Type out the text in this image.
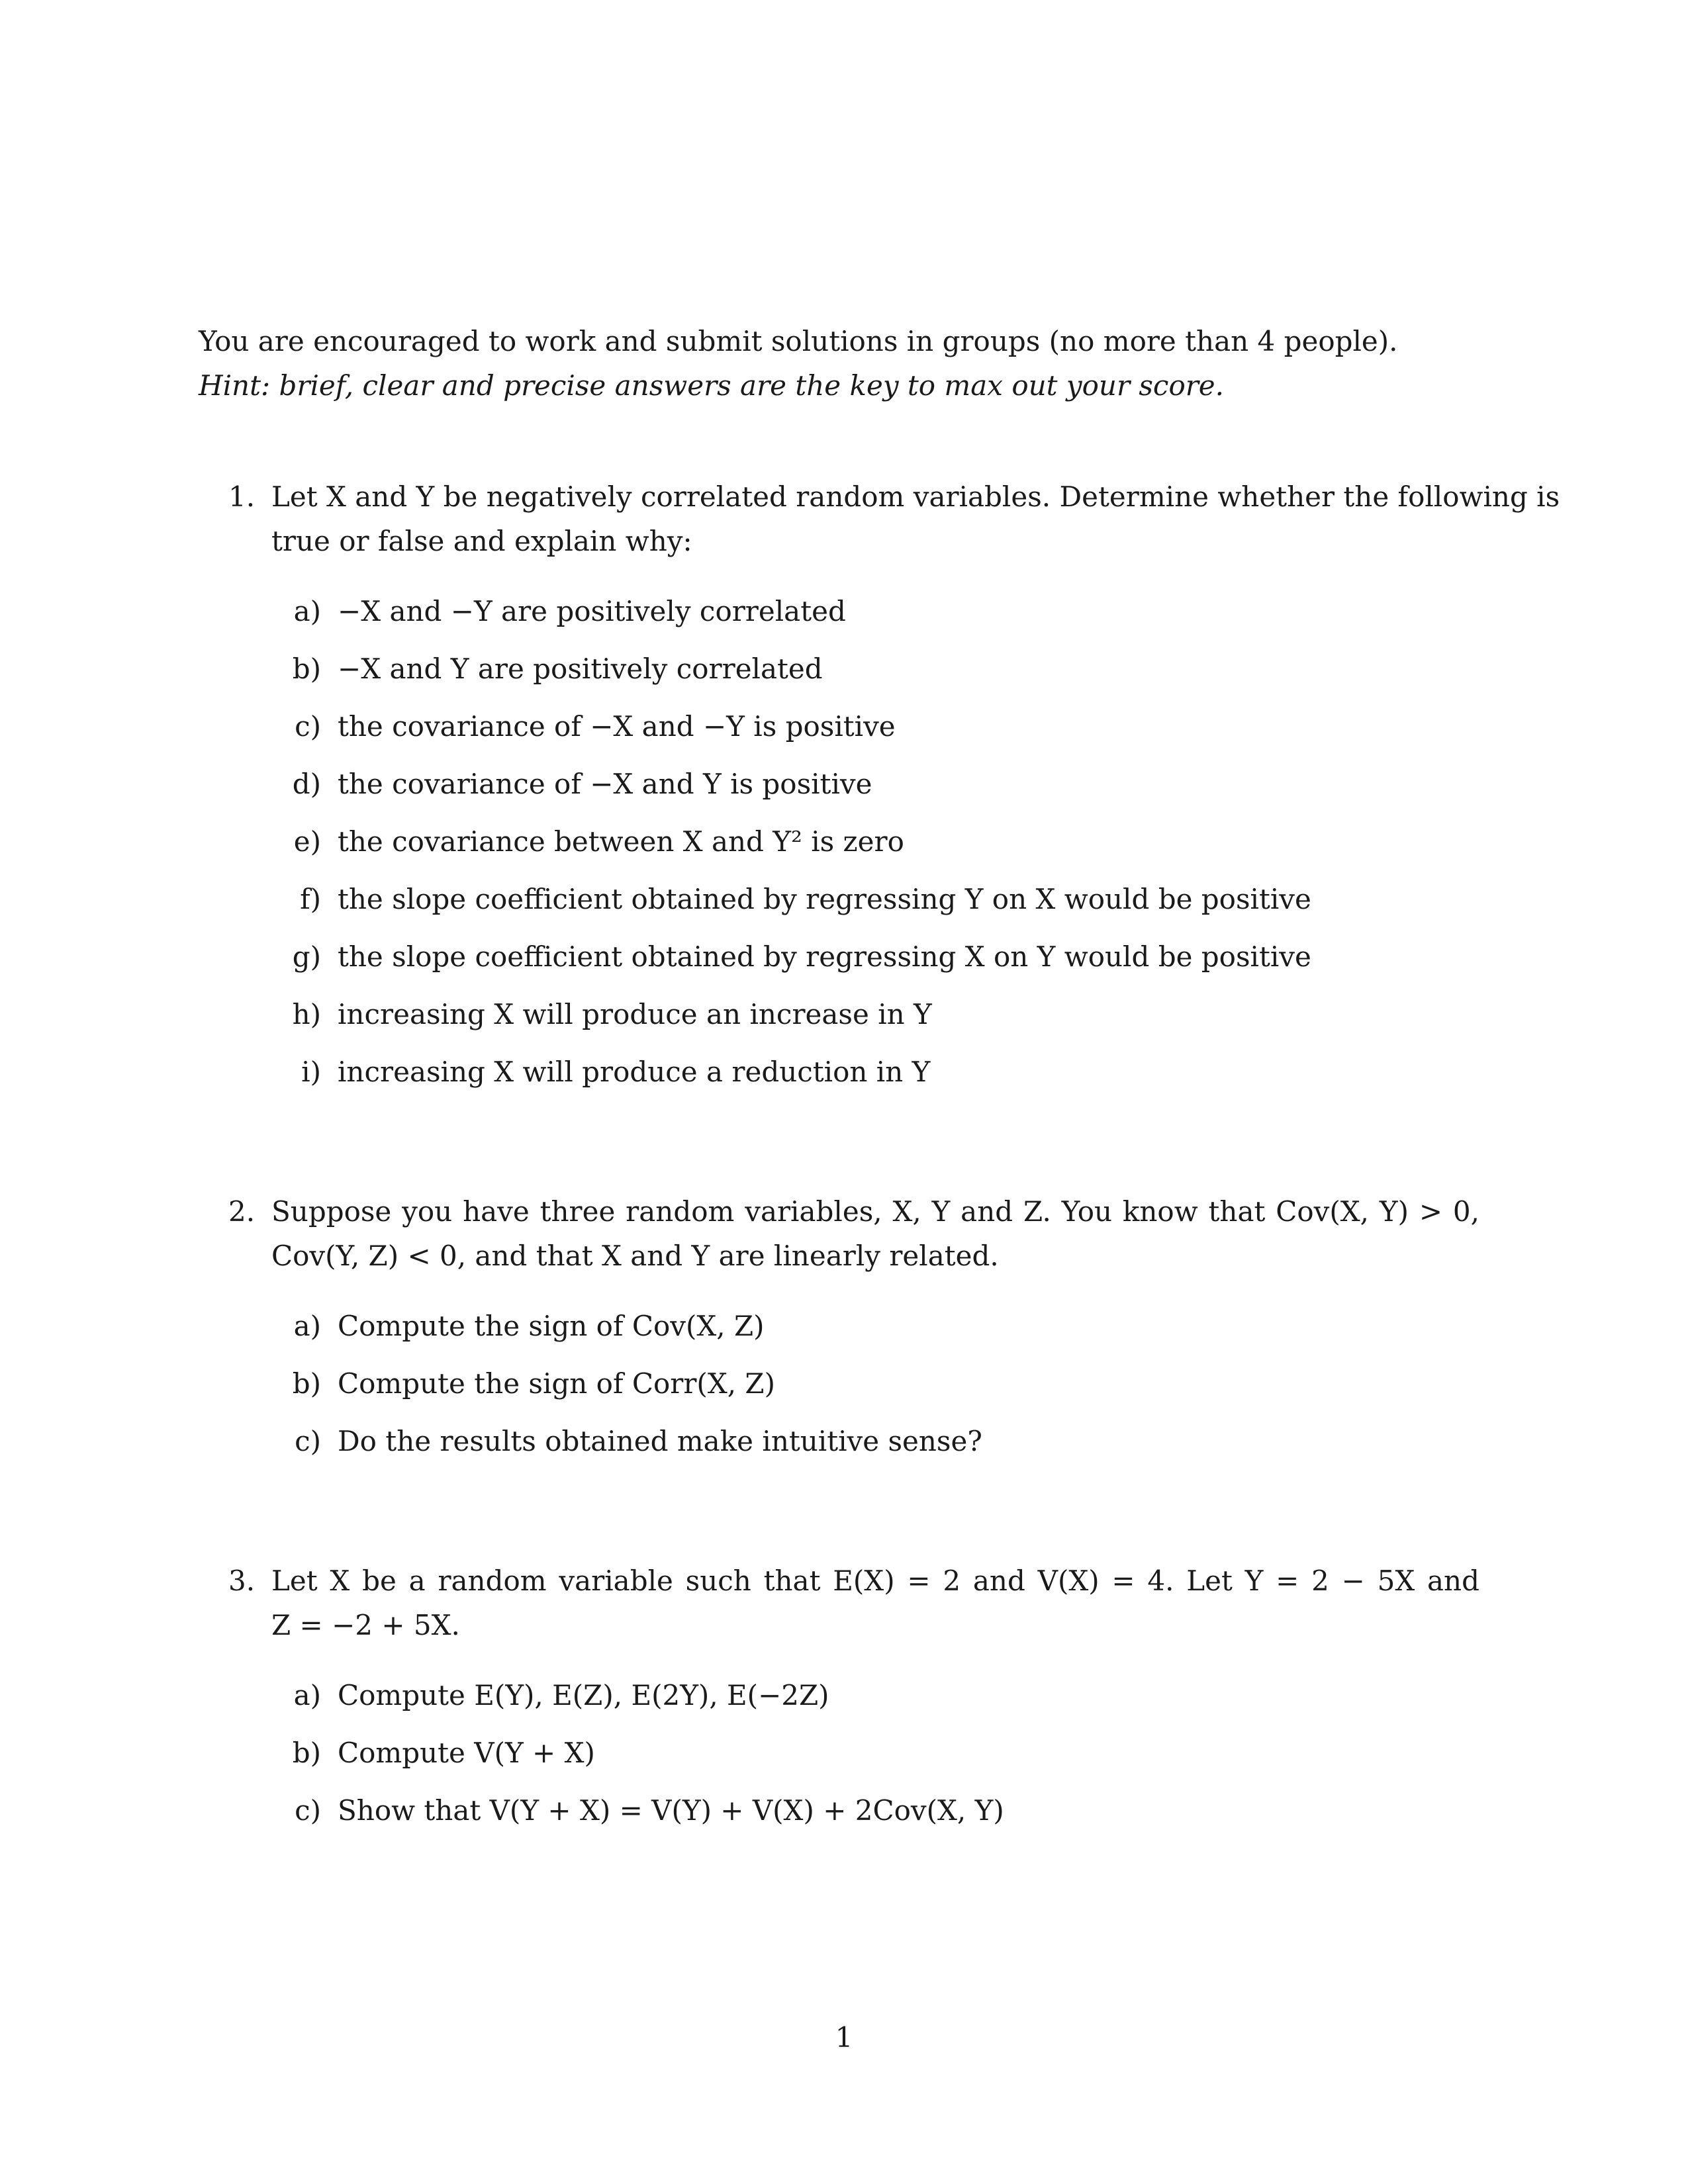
You are encouraged to work and submit solutions in groups (no more than 4 people).
Hint: brief, clear and precise answers are the key to max out your score.
1. Let X and Y be negatively correlated random variables. Determine whether the following is
true or false and explain why:
a) −X and −Y are positively correlated
b) −X and Y are positively correlated
c) the covariance of −X and −Y is positive
d) the covariance of −X and Y is positive
e) the covariance between X and Y² is zero
f) the slope coefficient obtained by regressing Y on X would be positive
g) the slope coefficient obtained by regressing X on Y would be positive
h) increasing X will produce an increase in Y
i) increasing X will produce a reduction in Y
2. Suppose you have three random variables, X, Y and Z. You know that Cov(X, Y) > 0,
Cov(Y, Z) < 0, and that X and Y are linearly related.
a) Compute the sign of Cov(X, Z)
b) Compute the sign of Corr(X, Z)
c) Do the results obtained make intuitive sense?
3. Let X be a random variable such that E(X) = 2 and V(X) = 4. Let Y = 2 − 5X and
Z = −2 + 5X.
a) Compute E(Y), E(Z), E(2Y), E(−2Z)
b) Compute V(Y + X)
c) Show that V(Y + X) = V(Y) + V(X) + 2Cov(X, Y)
1
